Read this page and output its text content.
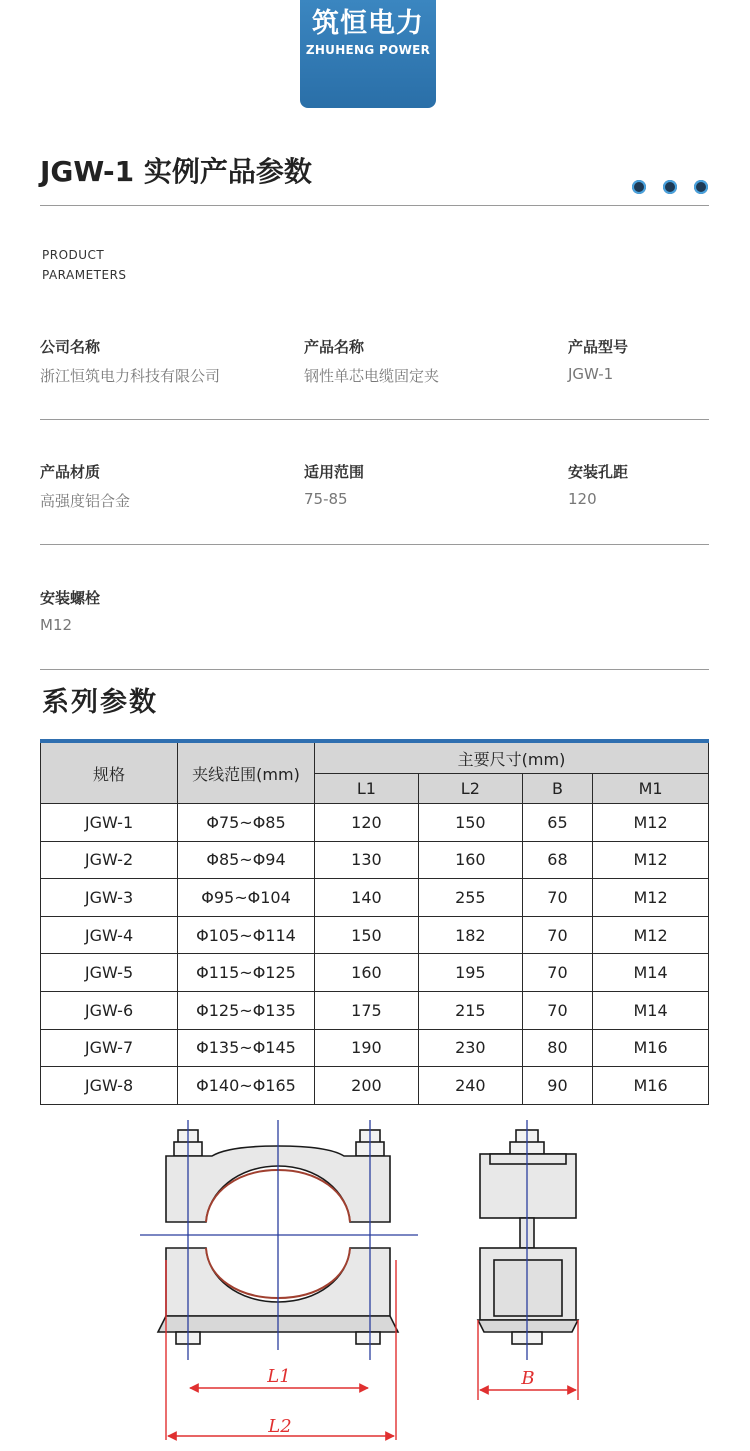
筑恒电力
ZHUHENG POWER
JGW-1 实例产品参数
PRODUCT
PARAMETERS
公司名称
浙江恒筑电力科技有限公司
产品名称
钢性单芯电缆固定夹
产品型号
JGW-1
产品材质
高强度铝合金
适用范围
75-85
安装孔距
120
安装螺栓
M12
系列参数
规格	夹线范围(mm)	主要尺寸(mm)			
		L1	L2	B	M1
JGW-1	Φ75~Φ85	120	150	65	M12
JGW-2	Φ85~Φ94	130	160	68	M12
JGW-3	Φ95~Φ104	140	255	70	M12
JGW-4	Φ105~Φ114	150	182	70	M12
JGW-5	Φ115~Φ125	160	195	70	M14
JGW-6	Φ125~Φ135	175	215	70	M14
JGW-7	Φ135~Φ145	190	230	80	M16
JGW-8	Φ140~Φ165	200	240	90	M16
L1
L2
B
